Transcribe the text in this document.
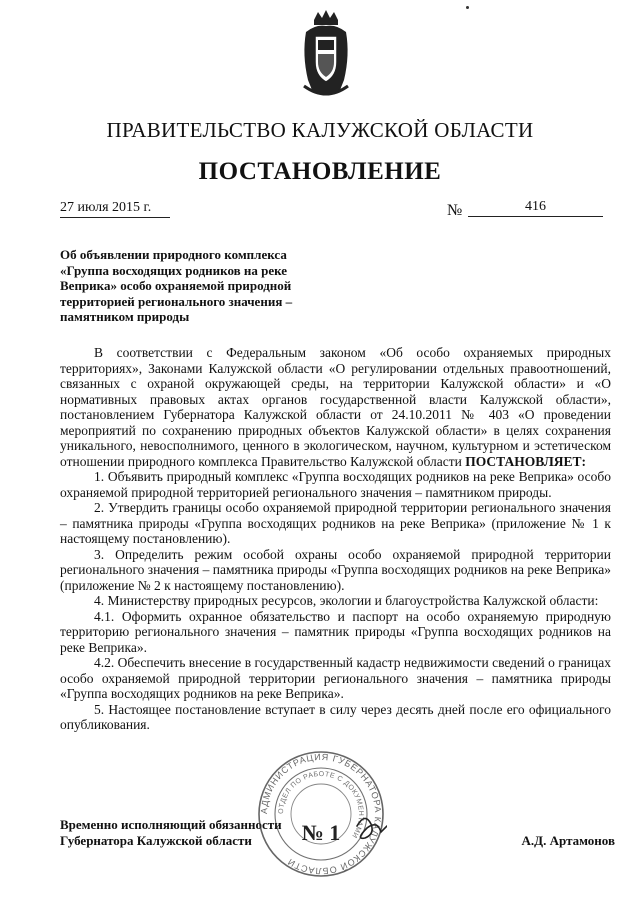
ПРАВИТЕЛЬСТВО КАЛУЖСКОЙ ОБЛАСТИ
ПОСТАНОВЛЕНИЕ
27 июля 2015 г.	№	416
Об объявлении природного комплекса «Группа восходящих родников на реке Веприка» особо охраняемой природной территорией регионального значения – памятником природы

В соответствии с Федеральным законом «Об особо охраняемых природных территориях», Законами Калужской области «О регулировании отдельных правоотношений, связанных с охраной окружающей среды, на территории Калужской области» и «О нормативных правовых актах органов государственной власти Калужской области», постановлением Губернатора Калужской области от 24.10.2011 № 403 «О проведении мероприятий по сохранению природных объектов Калужской области» в целях сохранения уникального, невосполнимого, ценного в экологическом, научном, культурном и эстетическом отношении природного комплекса Правительство Калужской области ПОСТАНОВЛЯЕТ:

1. Объявить природный комплекс «Группа восходящих родников на реке Веприка» особо охраняемой природной территорией регионального значения – памятником природы.

2. Утвердить границы особо охраняемой природной территории регионального значения – памятника природы «Группа восходящих родников на реке Веприка» (приложение № 1 к настоящему постановлению).

3. Определить режим особой охраны особо охраняемой природной территории регионального значения – памятника природы «Группа восходящих родников на реке Веприка» (приложение № 2 к настоящему постановлению).

4. Министерству природных ресурсов, экологии и благоустройства Калужской области:

4.1. Оформить охранное обязательство и паспорт на особо охраняемую природную территорию регионального значения – памятник природы «Группа восходящих родников на реке Веприка».

4.2. Обеспечить внесение в государственный кадастр недвижимости сведений о границах особо охраняемой природной территории регионального значения – памятника природы «Группа восходящих родников на реке Веприка».

5. Настоящее постановление вступает в силу через десять дней после его официального опубликования.

Временно исполняющий обязанности
Губернатора Калужской области	А.Д. Артамонов
АДМИНИСТРАЦИЯ ГУБЕРНАТОРА КАЛУЖСКОЙ ОБЛАСТИ
ОТДЕЛ ПО РАБОТЕ С ДОКУМЕНТАМИ
№ 1
